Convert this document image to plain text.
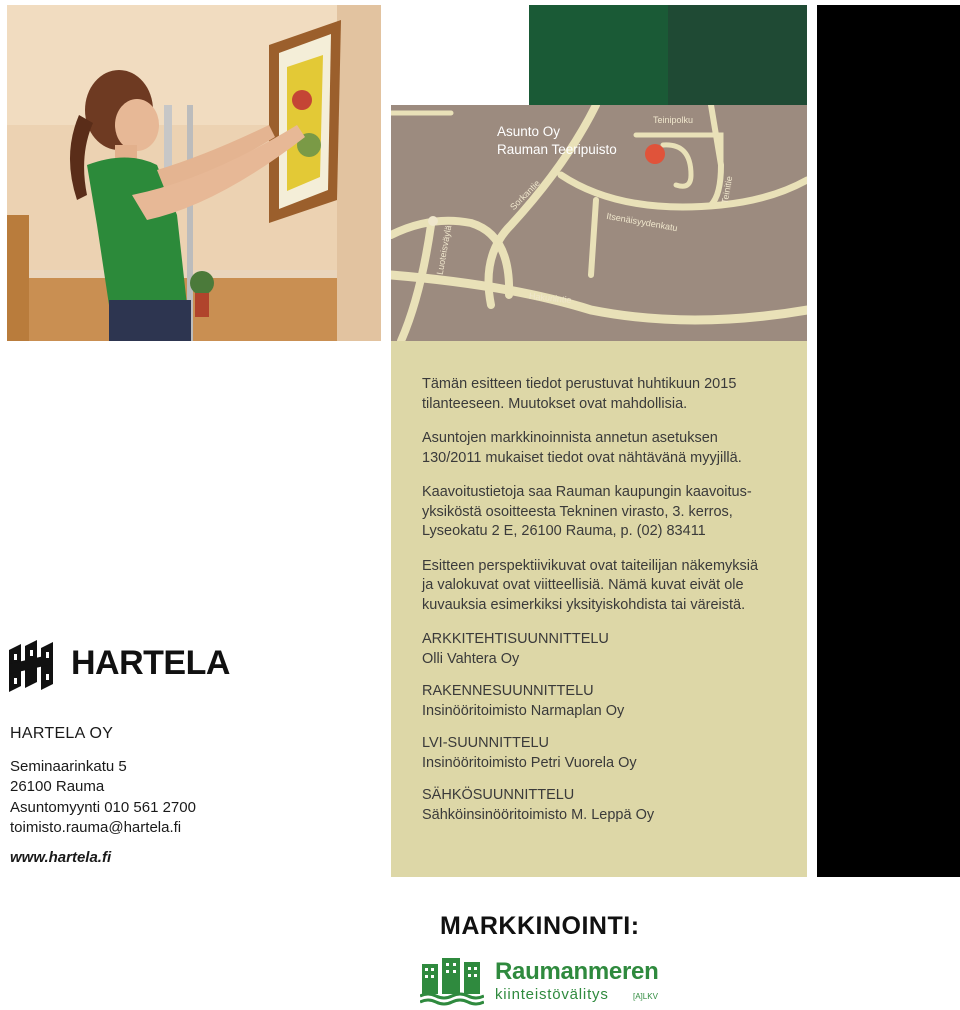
Asunto Oy
Rauman Teeripuisto
Teinipolku
Sorkantie	Teinitie
Itsenäisyydenkatu
Luoteisväylä
Hakunintie

Tämän esitteen tiedot perustuvat huhtikuun 2015
tilanteeseen. Muutokset ovat mahdollisia.

Asuntojen markkinoinnista annetun asetuksen
130/2011 mukaiset tiedot ovat nähtävänä myyjillä.

Kaavoitustietoja saa Rauman kaupungin kaavoitus-
yksiköstä osoitteesta Tekninen virasto, 3. kerros,
Lyseokatu 2 E, 26100 Rauma, p. (02) 83411

Esitteen perspektiivikuvat ovat taiteilijan näkemyksiä
ja valokuvat ovat viitteellisiä. Nämä kuvat eivät ole
kuvauksia esimerkiksi yksityiskohdista tai väreistä.

ARKKITEHTISUUNNITTELU
Olli Vahtera Oy
RAKENNESUUNNITTELU
Insinööritoimisto Narmaplan Oy
LVI-SUUNNITTELU
Insinööritoimisto Petri Vuorela Oy
SÄHKÖSUUNNITTELU
Sähköinsinööritoimisto M. Leppä Oy
HARTELA
HARTELA OY
Seminaarinkatu 5
26100 Rauma
Asuntomyynti 010 561 2700
toimisto.rauma@hartela.fi
www.hartela.fi
MARKKINOINTI:
Raumanmeren
kiinteistövälitys	[A]LKV
